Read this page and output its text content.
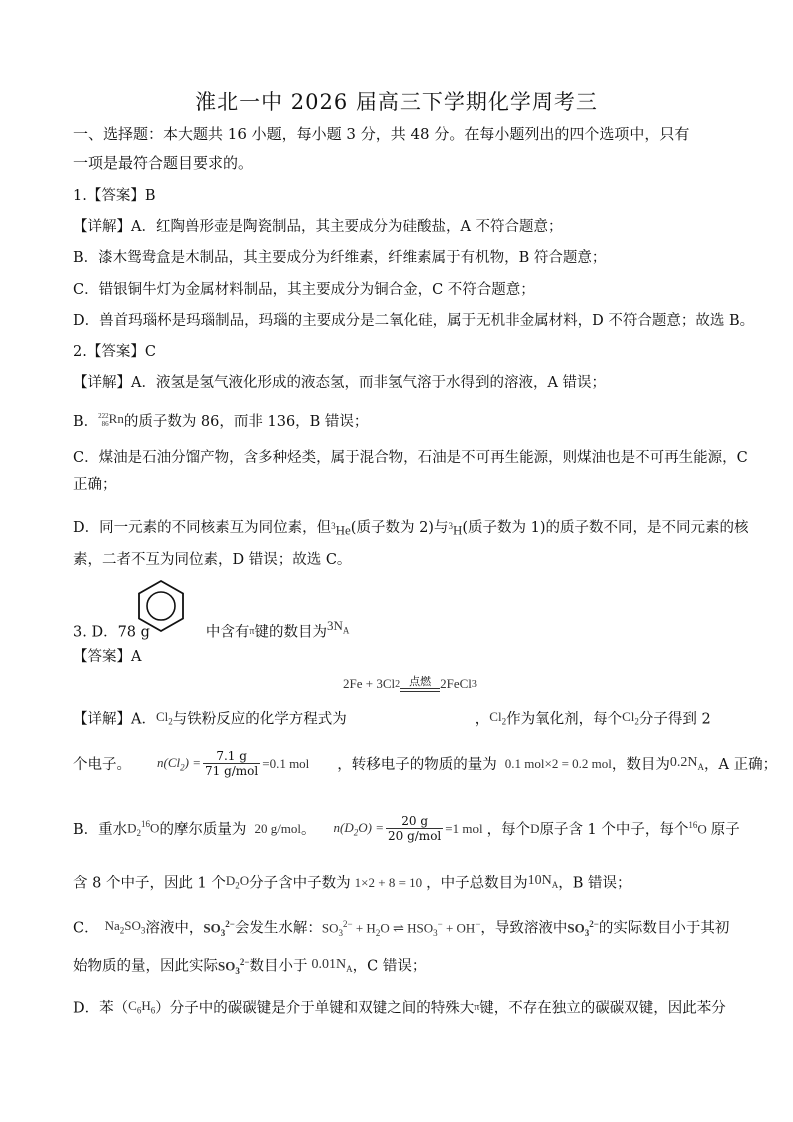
淮北一中 2026 届高三下学期化学周考三
一、选择题：本大题共 16 小题，每小题 3 分，共 48 分。在每小题列出的四个选项中，只有
一项是最符合题目要求的。
1.【答案】B
【详解】A．红陶兽形壶是陶瓷制品，其主要成分为硅酸盐，A 不符合题意；
B．漆木鸳鸯盒是木制品，其主要成分为纤维素，纤维素属于有机物，B 符合题意；
C．错银铜牛灯为金属材料制品，其主要成分为铜合金，C 不符合题意；
D．兽首玛瑙杯是玛瑙制品，玛瑙的主要成分是二氧化硅，属于无机非金属材料，D 不符合题意；故选 B。
2.【答案】C
【详解】A．液氢是氢气液化形成的液态氢，而非氢气溶于水得到的溶液，A 错误；
B．222
86Rn的质子数为 86，而非 136，B 错误；
C．煤油是石油分馏产物，含多种烃类，属于混合物，石油是不可再生能源，则煤油也是不可再生能源，C
正确；
D．同一元素的不同核素互为同位素，但$^3$He(质子数为 2)与$^3$H(质子数为 1)的质子数不同，是不同元素的核
素，二者不互为同位素，D 错误；故选 C。
3. D．78 g	中含有π键的数目为$3N_A$
【答案】A
2Fe + 3Cl2 点燃 2FeCl3
【详解】A．$Cl_2$与铁粉反应的化学方程式为	，$Cl_2$作为氧化剂，每个$Cl_2$分子得到 2
个电子。 $n(Cl_2) = \frac{7.1 g}{\text{71 g/mol}} =0.1$ mol ，转移电子的物质的量为 0.1 mol×2 = 0.2 mol，数目为$0.2N_A$，A 正确；
B．重水$D_2^{16}O$的摩尔质量为 20 g/mol。 $n(D_2O) = \frac{20 g}{\text{20 g/mol}} =1$ mol ，每个D原子含 1 个中子，每个$^{16}$O 原子
含 8 个中子，因此 1 个$D_2O$分子含中子数为 1×2 + 8 = 10 ，中子总数目为$10N_A$，B 错误；
C． $Na_2SO_3$溶液中，$SO_3^{2-}$会发生水解：$SO_3^{2-} + H_2O$ ⇌ $HSO_3^- + OH^-$，导致溶液中$SO_3^{2-}$的实际数目小于其初
始物质的量，因此实际$SO_3^{2-}$数目小于 $0.01N_A$，C 错误；
D．苯$(C_6H_6)$分子中的碳碳键是介于单键和双键之间的特殊大π键，不存在独立的碳碳双键，因此苯分
